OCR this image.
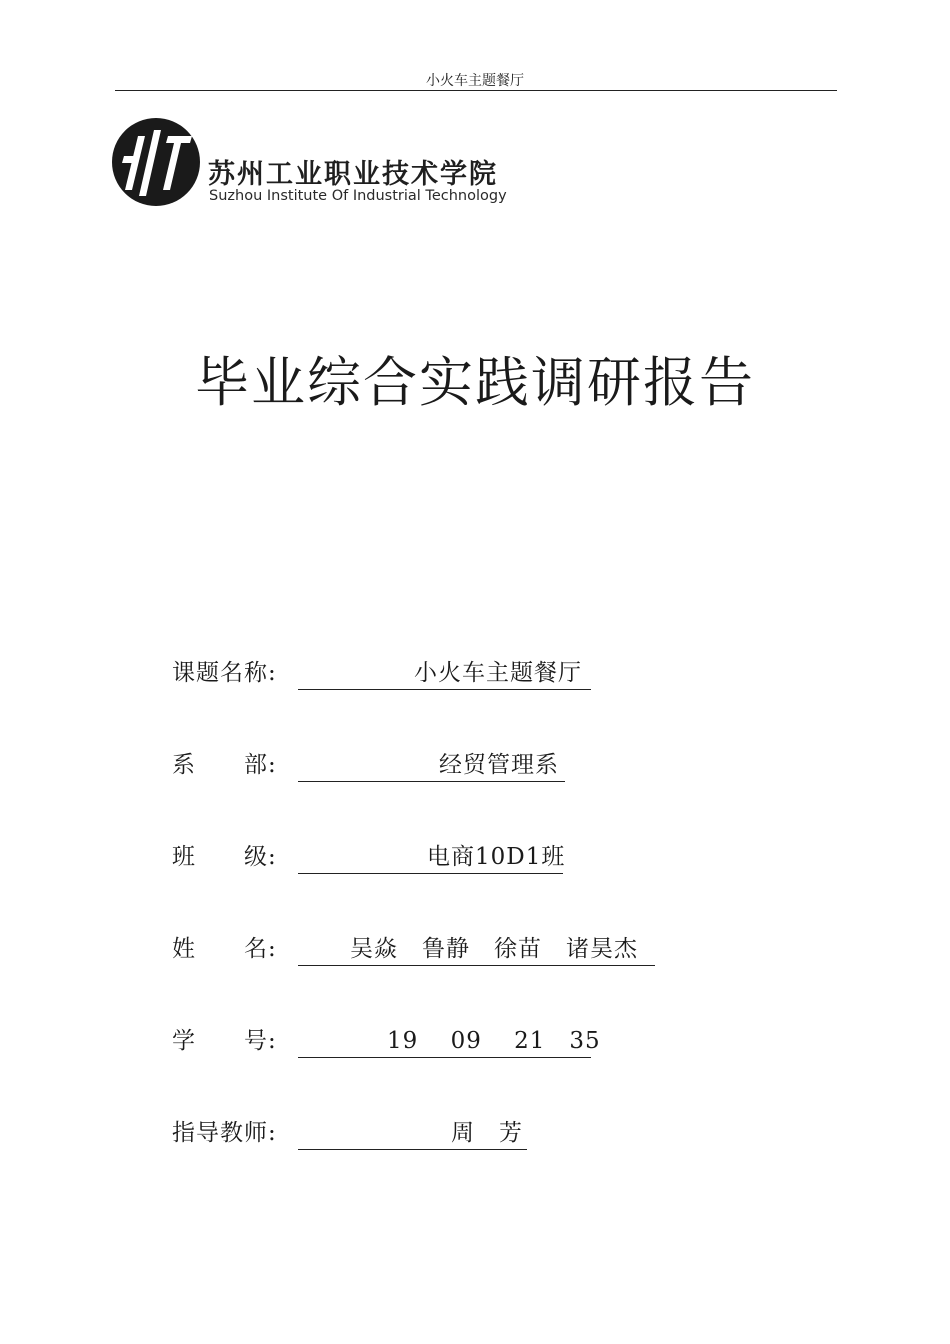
小火车主题餐厅
苏州工业职业技术学院
Suzhou Institute Of Industrial Technology
毕业综合实践调研报告
课题名称:

	小火车主题餐厅

系　　部:

	经贸管理系

班　　级:

	电商10D1班

姓　　名:

	吴焱　鲁静　徐苗　诸昊杰

学　　号:

	19　 09　 21　35

指导教师:

	周　芳
